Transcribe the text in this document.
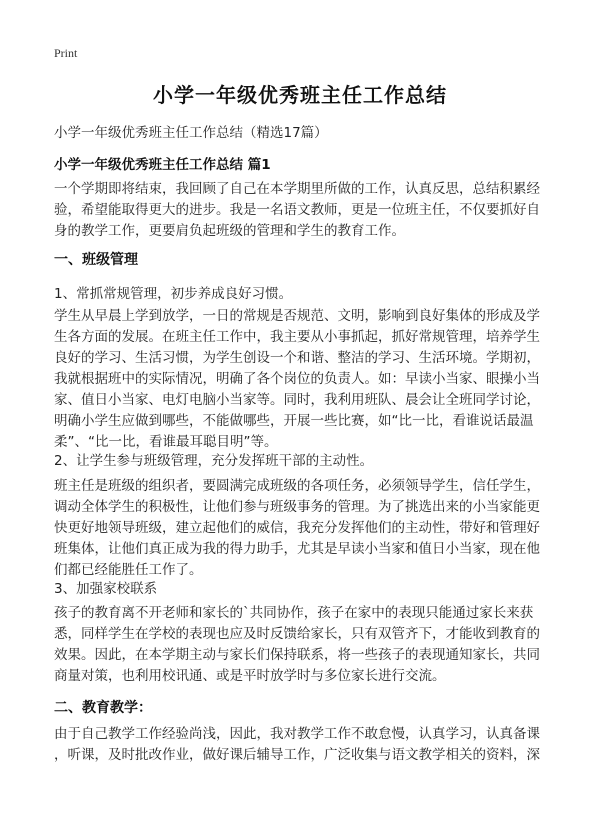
Print
小学一年级优秀班主任工作总结
小学一年级优秀班主任工作总结（精选17篇）
小学一年级优秀班主任工作总结 篇1
一个学期即将结束，我回顾了自己在本学期里所做的工作，认真反思，总结积累经
验，希望能取得更大的进步。我是一名语文教师，更是一位班主任，不仅要抓好自
身的教学工作，更要肩负起班级的管理和学生的教育工作。
一、班级管理
1、常抓常规管理，初步养成良好习惯。
学生从早晨上学到放学，一日的常规是否规范、文明，影响到良好集体的形成及学
生各方面的发展。在班主任工作中，我主要从小事抓起，抓好常规管理，培养学生
良好的学习、生活习惯，为学生创设一个和谐、整洁的学习、生活环境。学期初，
我就根据班中的实际情况，明确了各个岗位的负责人。如：早读小当家、眼操小当
家、值日小当家、电灯电脑小当家等。同时，我利用班队、晨会让全班同学讨论，
明确小学生应做到哪些，不能做哪些，开展一些比赛，如“比一比，看谁说话最温
柔”、“比一比，看谁最耳聪目明”等。
2、让学生参与班级管理，充分发挥班干部的主动性。
班主任是班级的组织者，要圆满完成班级的各项任务，必须领导学生，信任学生，
调动全体学生的积极性，让他们参与班级事务的管理。为了挑选出来的小当家能更
快更好地领导班级，建立起他们的威信，我充分发挥他们的主动性，带好和管理好
班集体，让他们真正成为我的得力助手，尤其是早读小当家和值日小当家，现在他
们都已经能胜任工作了。
3、加强家校联系
孩子的教育离不开老师和家长的`共同协作，孩子在家中的表现只能通过家长来获
悉，同样学生在学校的表现也应及时反馈给家长，只有双管齐下，才能收到教育的
效果。因此，在本学期主动与家长们保持联系，将一些孩子的表现通知家长，共同
商量对策，也利用校讯通、或是平时放学时与多位家长进行交流。
二、教育教学：
由于自己教学工作经验尚浅，因此，我对教学工作不敢怠慢，认真学习，认真备课
，听课，及时批改作业，做好课后辅导工作，广泛收集与语文教学相关的资料，深
